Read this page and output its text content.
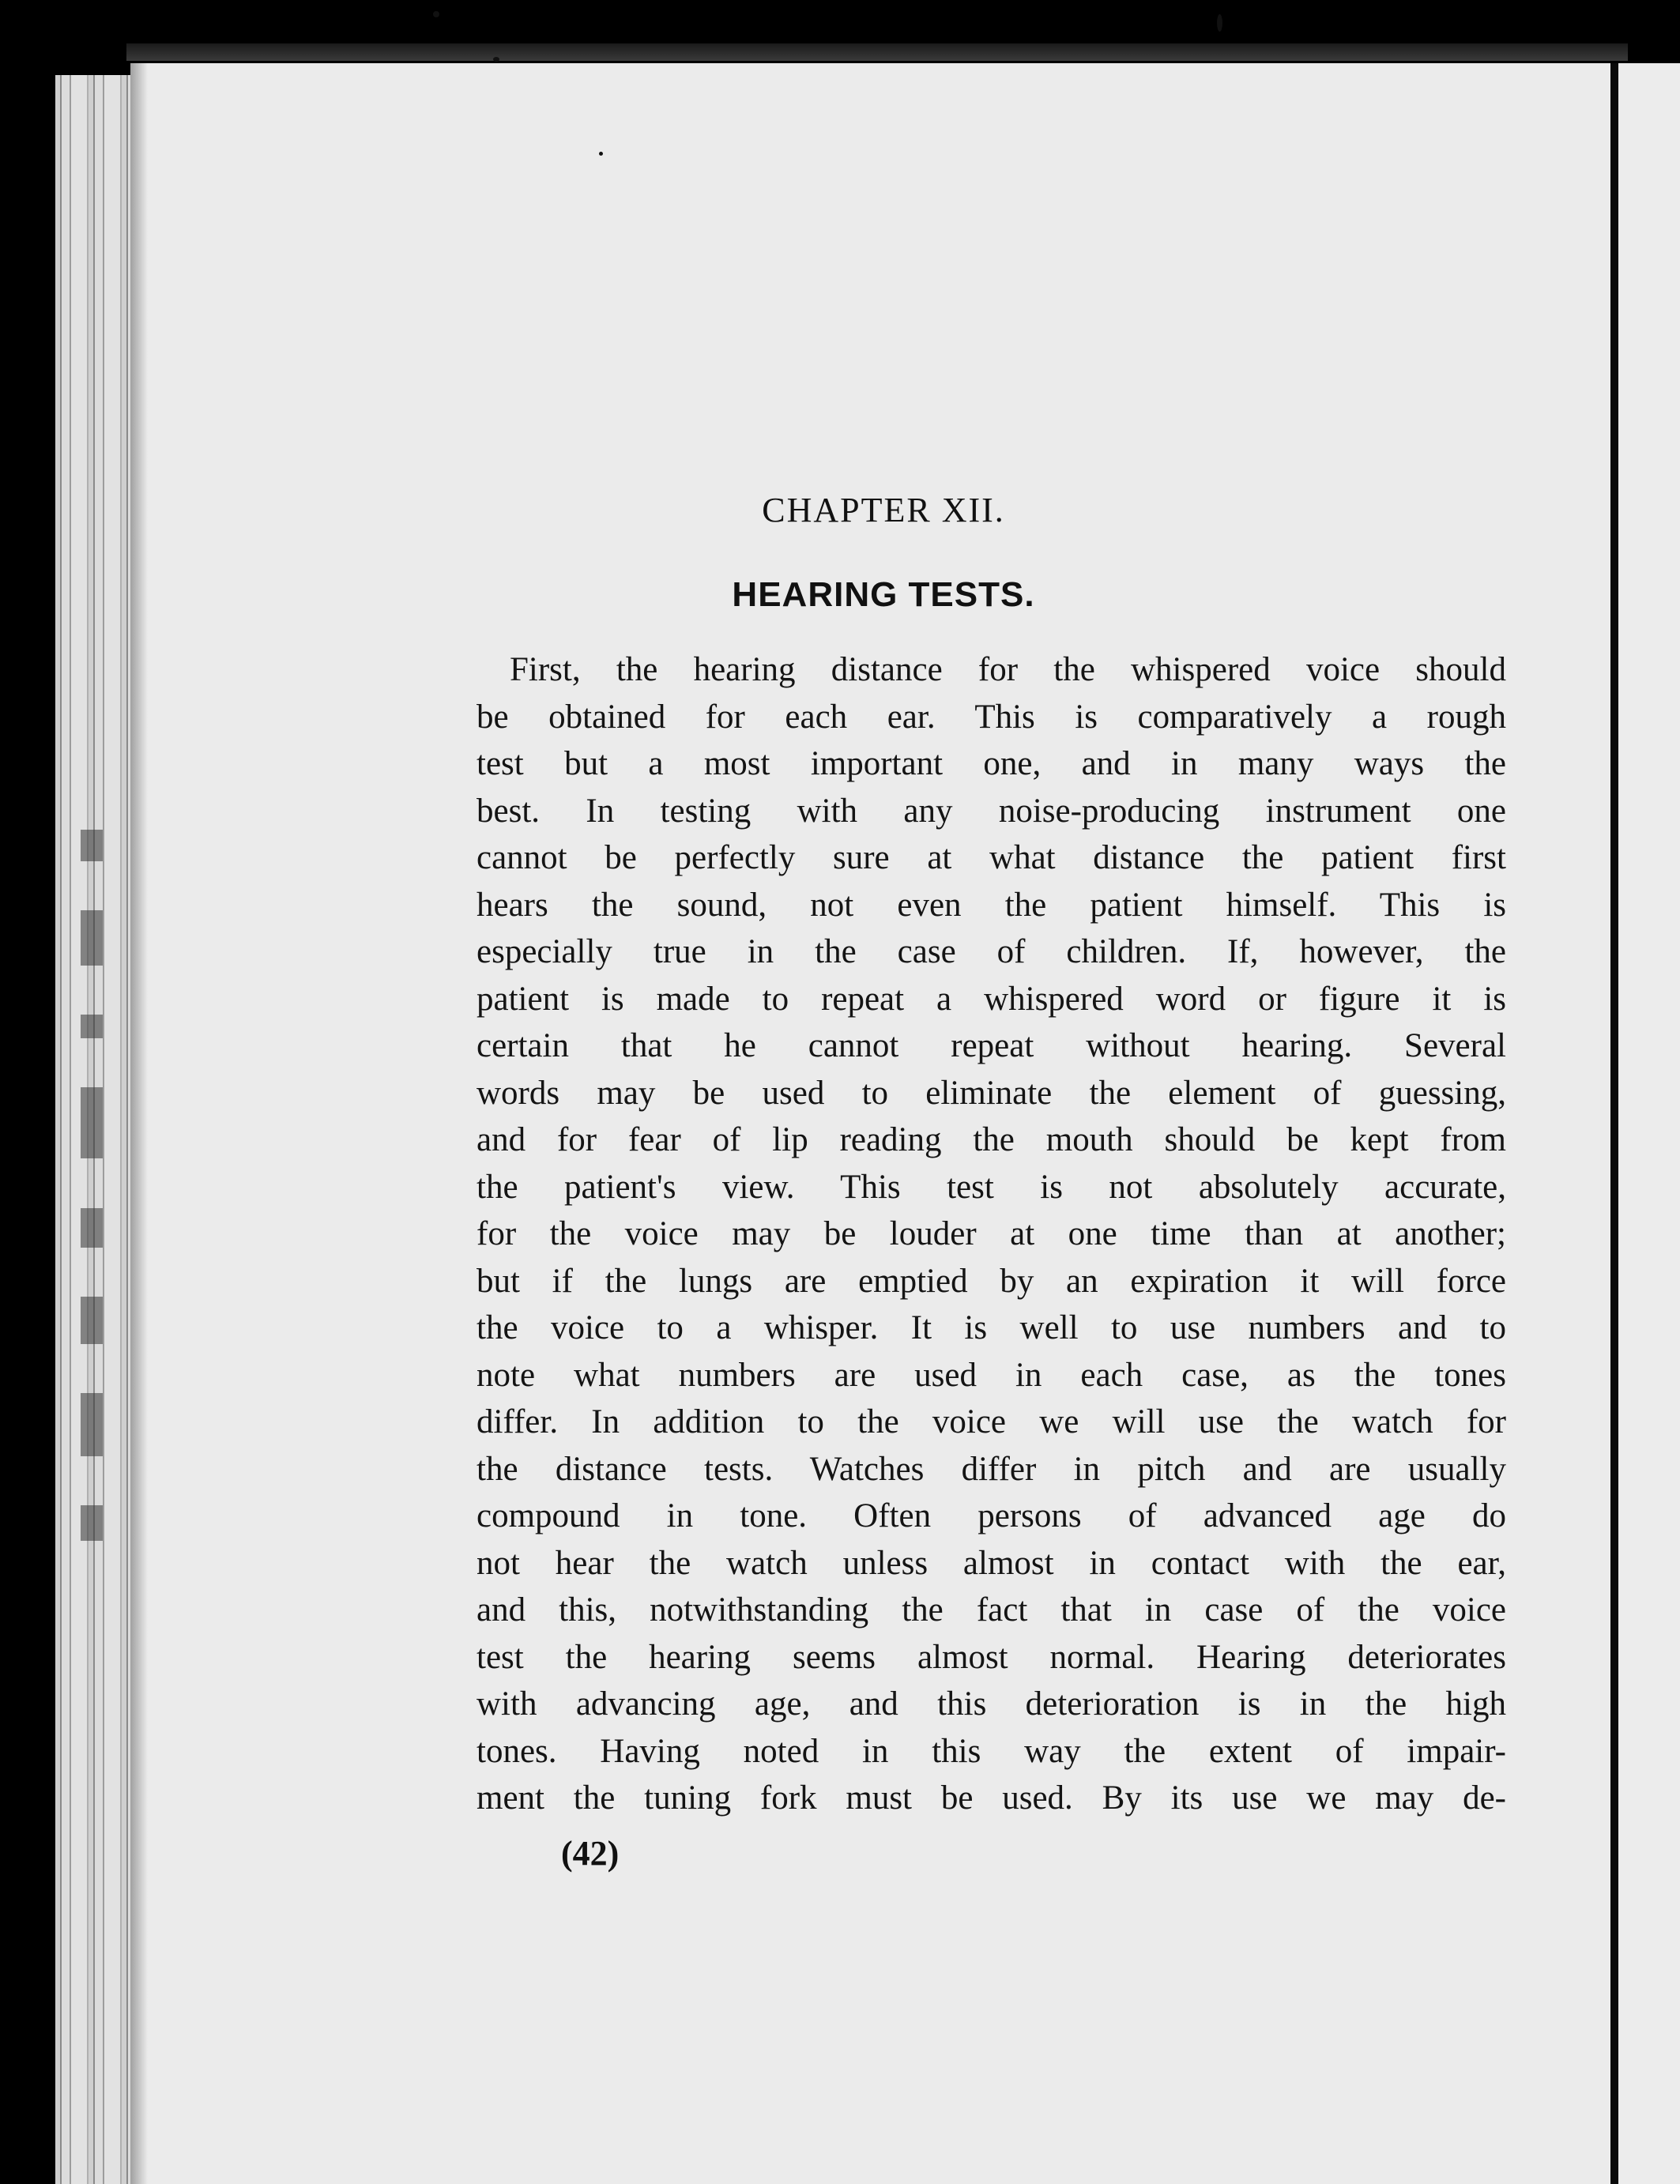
CHAPTER XII.
HEARING TESTS.
First, the hearing distance for the whispered voice should
be obtained for each ear. This is comparatively a rough
test but a most important one, and in many ways the
best. In testing with any noise-producing instrument one
cannot be perfectly sure at what distance the patient first
hears the sound, not even the patient himself. This is
especially true in the case of children. If, however, the
patient is made to repeat a whispered word or figure it is
certain that he cannot repeat without hearing. Several
words may be used to eliminate the element of guessing,
and for fear of lip reading the mouth should be kept from
the patient's view. This test is not absolutely accurate,
for the voice may be louder at one time than at another;
but if the lungs are emptied by an expiration it will force
the voice to a whisper. It is well to use numbers and to
note what numbers are used in each case, as the tones
differ. In addition to the voice we will use the watch for
the distance tests. Watches differ in pitch and are usually
compound in tone. Often persons of advanced age do
not hear the watch unless almost in contact with the ear,
and this, notwithstanding the fact that in case of the voice
test the hearing seems almost normal. Hearing deteriorates
with advancing age, and this deterioration is in the high
tones. Having noted in this way the extent of impair-
ment the tuning fork must be used. By its use we may de-
(42)
